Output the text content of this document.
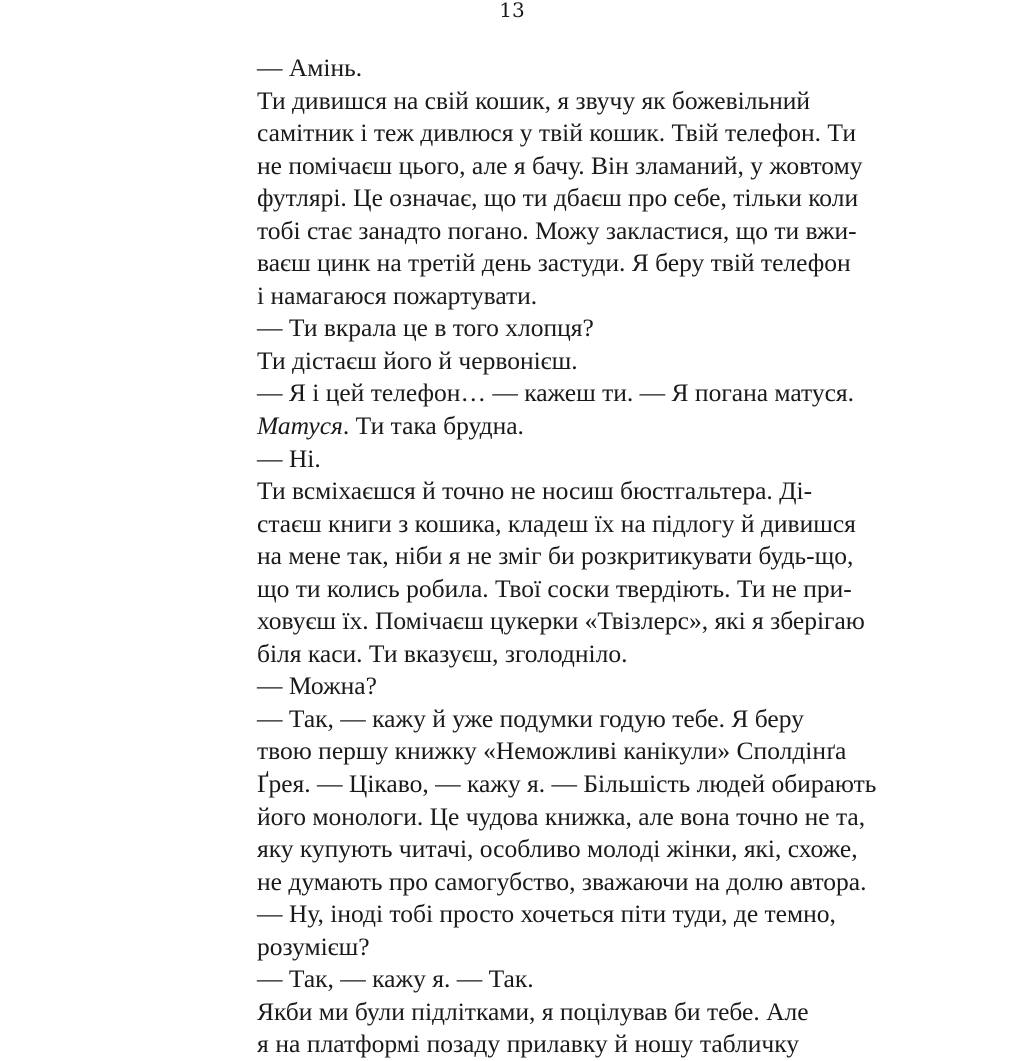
13
— Амінь.
Ти дивишся на свій кошик, я звучу як божевільний
самітник і теж дивлюся у твій кошик. Твій телефон. Ти
не помічаєш цього, але я бачу. Він зламаний, у жовтому
футлярі. Це означає, що ти дбаєш про себе, тільки коли
тобі стає занадто погано. Можу закластися, що ти вжи-
ваєш цинк на третій день застуди. Я беру твій телефон
і намагаюся пожартувати.
— Ти вкрала це в того хлопця?
Ти дістаєш його й червонієш.
— Я і цей телефон… — кажеш ти. — Я погана матуся.
Матуся. Ти така брудна.
— Ні.
Ти всміхаєшся й точно не носиш бюстгальтера. Ді-
стаєш книги з кошика, кладеш їх на підлогу й дивишся
на мене так, ніби я не зміг би розкритикувати будь-що,
що ти колись робила. Твої соски твердіють. Ти не при-
ховуєш їх. Помічаєш цукерки «Твізлерс», які я зберігаю
біля каси. Ти вказуєш, зголодніло.
— Можна?
— Так, — кажу й уже подумки годую тебе. Я беру
твою першу книжку «Неможливі канікули» Сполдінґа
Ґрея. — Цікаво, — кажу я. — Більшість людей обирають
його монологи. Це чудова книжка, але вона точно не та,
яку купують читачі, особливо молоді жінки, які, схоже,
не думають про самогубство, зважаючи на долю автора.
— Ну, іноді тобі просто хочеться піти туди, де темно,
розумієш?
— Так, — кажу я. — Так.
Якби ми були підлітками, я поцілував би тебе. Але
я на платформі позаду прилавку й ношу табличку
